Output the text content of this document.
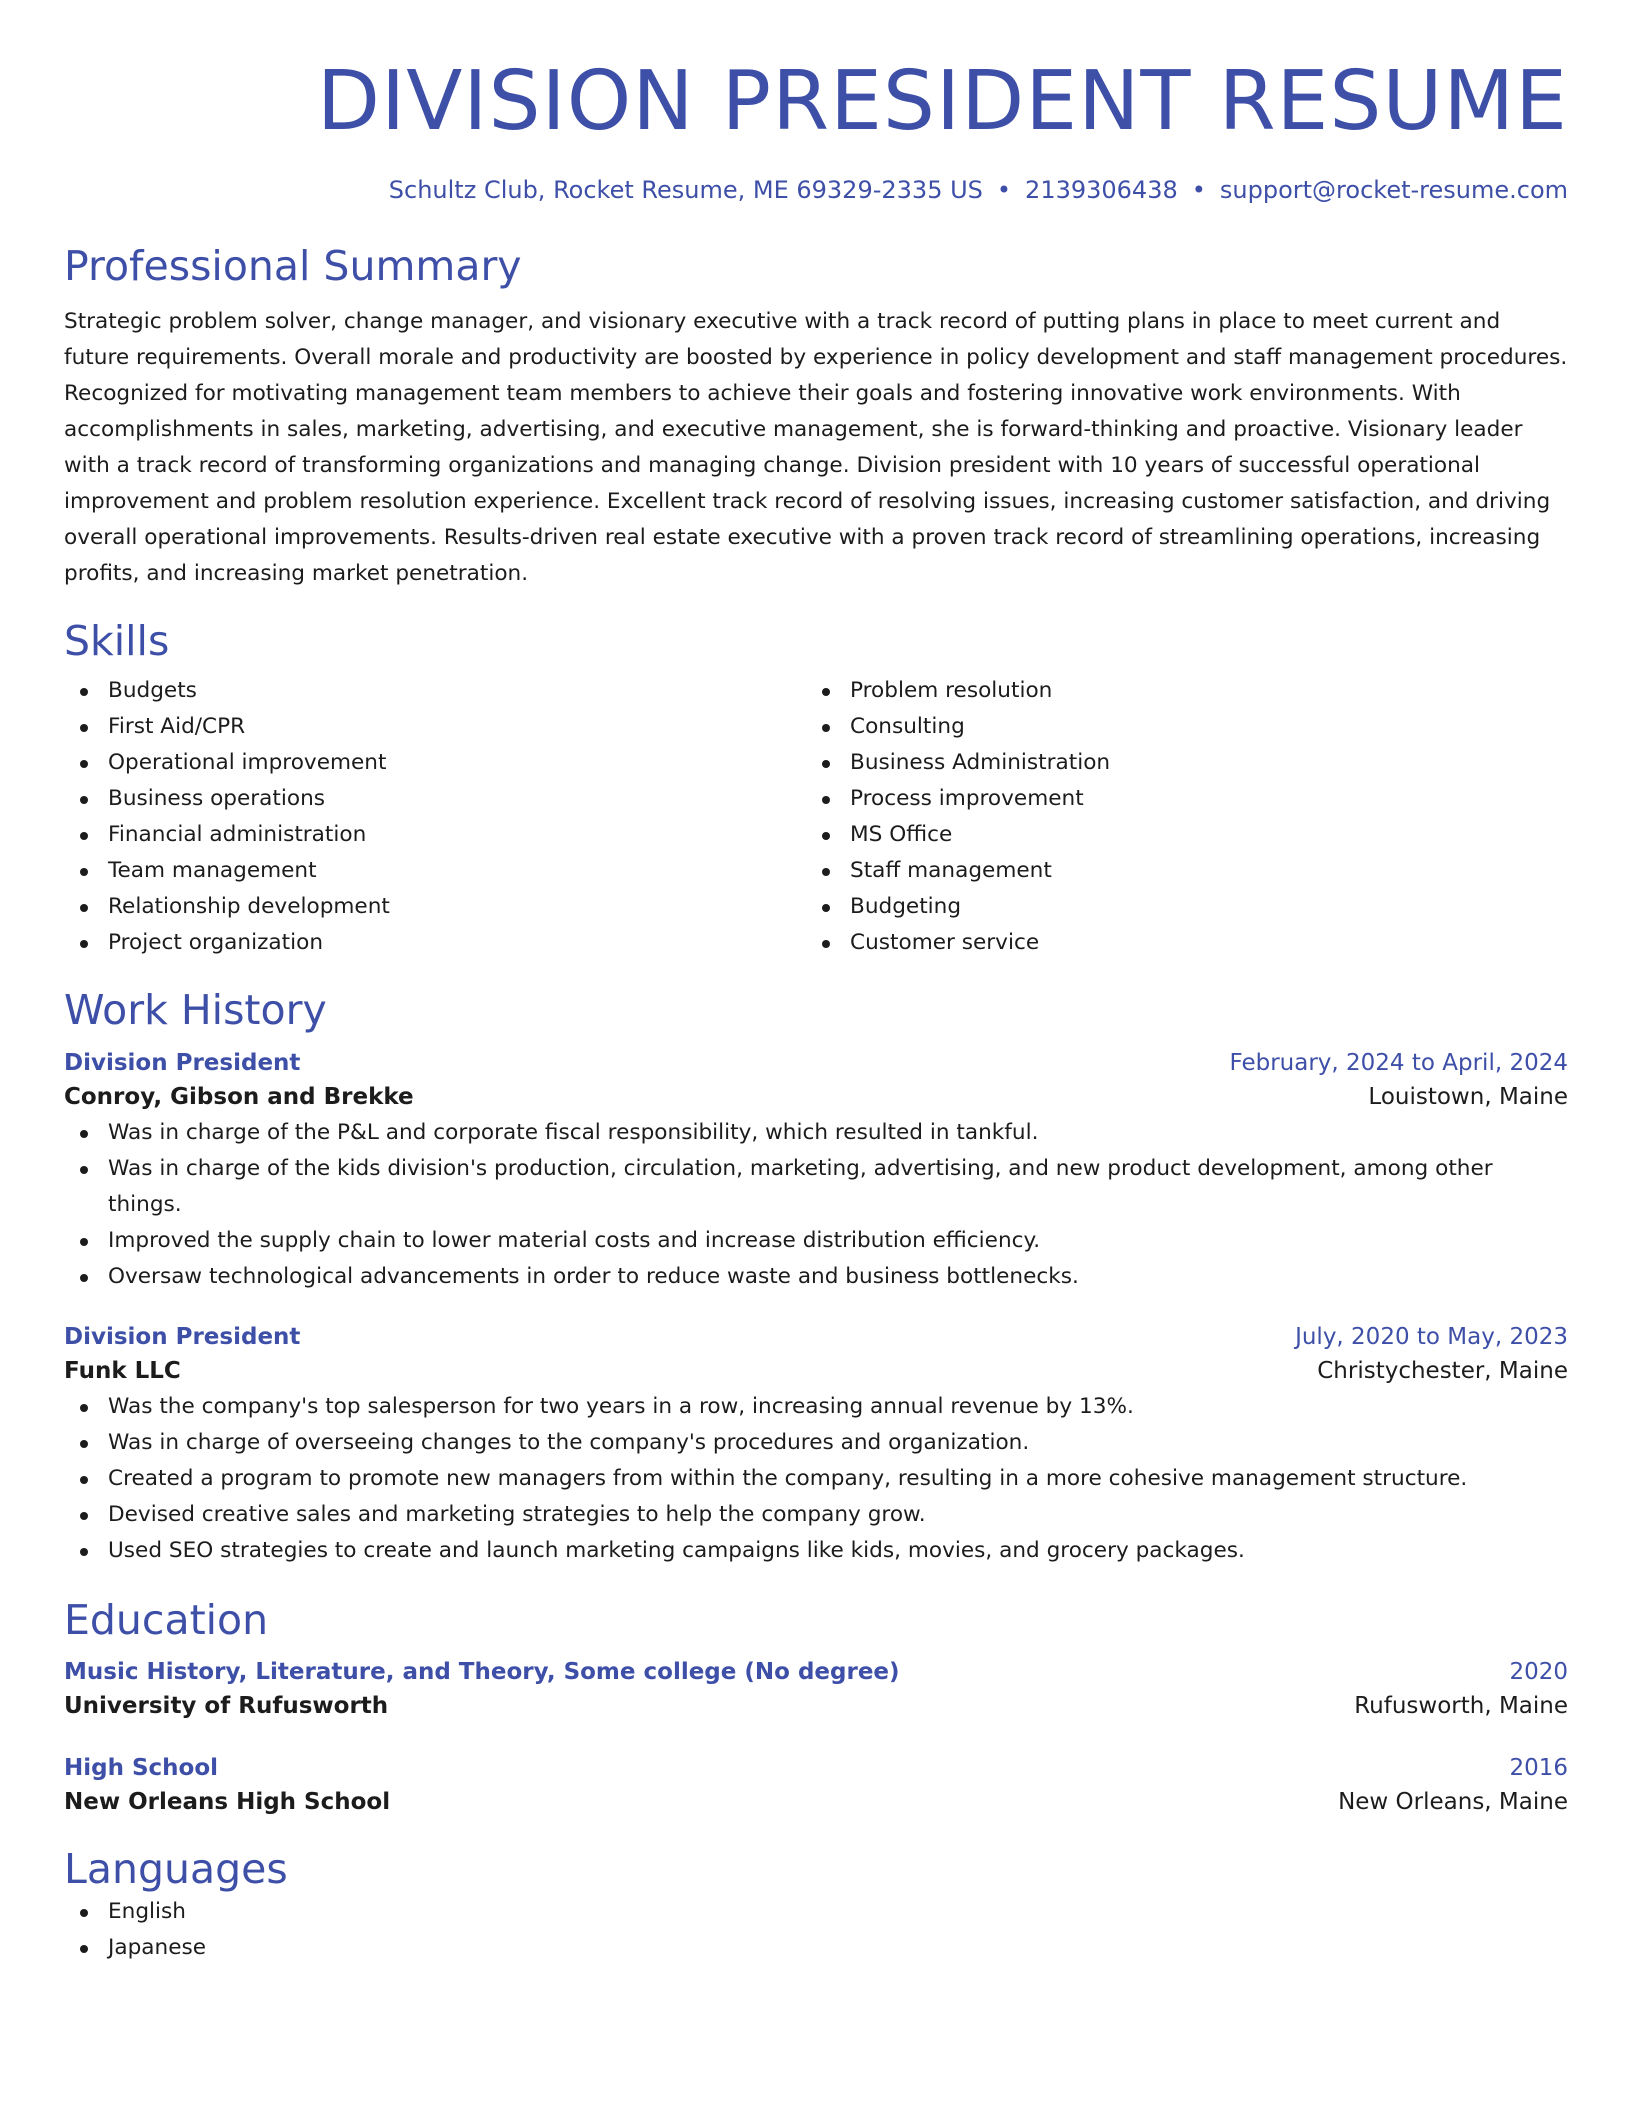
DIVISION PRESIDENT RESUME
Schultz Club, Rocket Resume, ME 69329-2335 US • 2139306438 • support@rocket-resume.com
Professional Summary

Strategic problem solver, change manager, and visionary executive with a track record of putting plans in place to meet current and future requirements. Overall morale and productivity are boosted by experience in policy development and staff management procedures. Recognized for motivating management team members to achieve their goals and fostering innovative work environments. With accomplishments in sales, marketing, advertising, and executive management, she is forward-thinking and proactive. Visionary leader with a track record of transforming organizations and managing change. Division president with 10 years of successful operational improvement and problem resolution experience. Excellent track record of resolving issues, increasing customer satisfaction, and driving overall operational improvements. Results-driven real estate executive with a proven track record of streamlining operations, increasing profits, and increasing market penetration.

Skills
Budgets
First Aid/CPR
Operational improvement
Business operations
Financial administration
Team management
Relationship development
Project organization
Problem resolution
Consulting
Business Administration
Process improvement
MS Office
Staff management
Budgeting
Customer service
Work History
Division President	February, 2024 to April, 2024
Conroy, Gibson and Brekke	Louistown, Maine
Was in charge of the P&L and corporate fiscal responsibility, which resulted in tankful.
Was in charge of the kids division's production, circulation, marketing, advertising, and new product development, among other things.
Improved the supply chain to lower material costs and increase distribution efficiency.
Oversaw technological advancements in order to reduce waste and business bottlenecks.
Division President	July, 2020 to May, 2023
Funk LLC	Christychester, Maine
Was the company's top salesperson for two years in a row, increasing annual revenue by 13%.
Was in charge of overseeing changes to the company's procedures and organization.
Created a program to promote new managers from within the company, resulting in a more cohesive management structure.
Devised creative sales and marketing strategies to help the company grow.
Used SEO strategies to create and launch marketing campaigns like kids, movies, and grocery packages.
Education
Music History, Literature, and Theory, Some college (No degree)	2020
University of Rufusworth	Rufusworth, Maine
High School	2016
New Orleans High School	New Orleans, Maine
Languages
English
Japanese
